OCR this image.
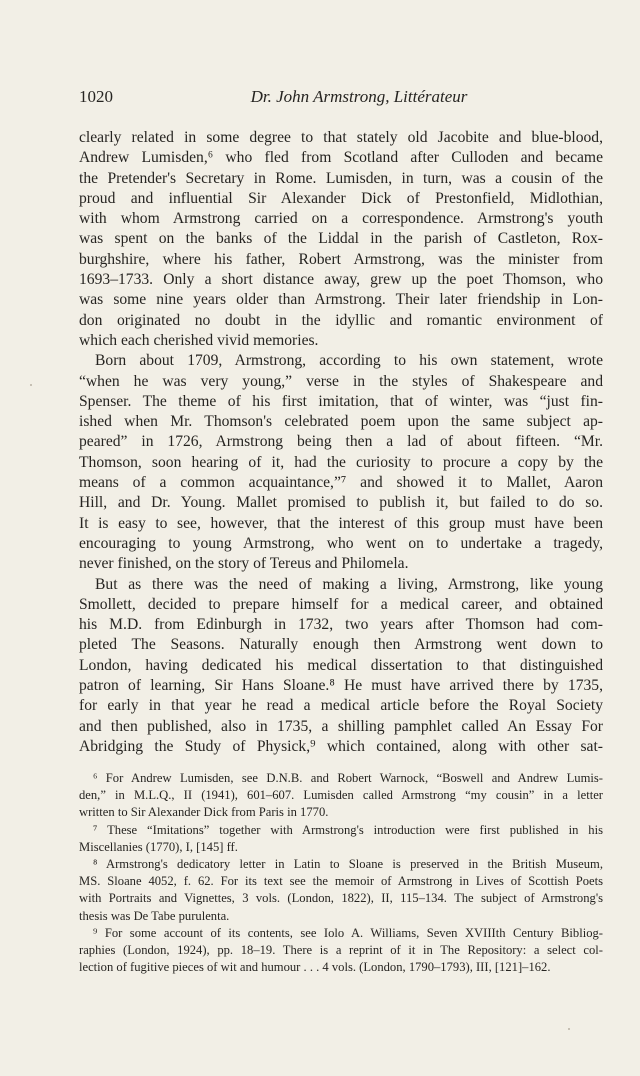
1020	Dr. John Armstrong, Littérateur
clearly related in some degree to that stately old Jacobite and blue-blood,
Andrew Lumisden,⁶ who fled from Scotland after Culloden and became
the Pretender's Secretary in Rome. Lumisden, in turn, was a cousin of the
proud and influential Sir Alexander Dick of Prestonfield, Midlothian,
with whom Armstrong carried on a correspondence. Armstrong's youth
was spent on the banks of the Liddal in the parish of Castleton, Rox-
burghshire, where his father, Robert Armstrong, was the minister from
1693–1733. Only a short distance away, grew up the poet Thomson, who
was some nine years older than Armstrong. Their later friendship in Lon-
don originated no doubt in the idyllic and romantic environment of
which each cherished vivid memories.
Born about 1709, Armstrong, according to his own statement, wrote
“when he was very young,” verse in the styles of Shakespeare and
Spenser. The theme of his first imitation, that of winter, was “just fin-
ished when Mr. Thomson's celebrated poem upon the same subject ap-
peared” in 1726, Armstrong being then a lad of about fifteen. “Mr.
Thomson, soon hearing of it, had the curiosity to procure a copy by the
means of a common acquaintance,”⁷ and showed it to Mallet, Aaron
Hill, and Dr. Young. Mallet promised to publish it, but failed to do so.
It is easy to see, however, that the interest of this group must have been
encouraging to young Armstrong, who went on to undertake a tragedy,
never finished, on the story of Tereus and Philomela.
But as there was the need of making a living, Armstrong, like young
Smollett, decided to prepare himself for a medical career, and obtained
his M.D. from Edinburgh in 1732, two years after Thomson had com-
pleted The Seasons. Naturally enough then Armstrong went down to
London, having dedicated his medical dissertation to that distinguished
patron of learning, Sir Hans Sloane.⁸ He must have arrived there by 1735,
for early in that year he read a medical article before the Royal Society
and then published, also in 1735, a shilling pamphlet called An Essay For
Abridging the Study of Physick,⁹ which contained, along with other sat-
⁶ For Andrew Lumisden, see D.N.B. and Robert Warnock, “Boswell and Andrew Lumis-
den,” in M.L.Q., II (1941), 601–607. Lumisden called Armstrong “my cousin” in a letter
written to Sir Alexander Dick from Paris in 1770.
⁷ These “Imitations” together with Armstrong's introduction were first published in his
Miscellanies (1770), I, [145] ff.
⁸ Armstrong's dedicatory letter in Latin to Sloane is preserved in the British Museum,
MS. Sloane 4052, f. 62. For its text see the memoir of Armstrong in Lives of Scottish Poets
with Portraits and Vignettes, 3 vols. (London, 1822), II, 115–134. The subject of Armstrong's
thesis was De Tabe purulenta.
⁹ For some account of its contents, see Iolo A. Williams, Seven XVIIIth Century Bibliog-
raphies (London, 1924), pp. 18–19. There is a reprint of it in The Repository: a select col-
lection of fugitive pieces of wit and humour . . . 4 vols. (London, 1790–1793), III, [121]–162.
